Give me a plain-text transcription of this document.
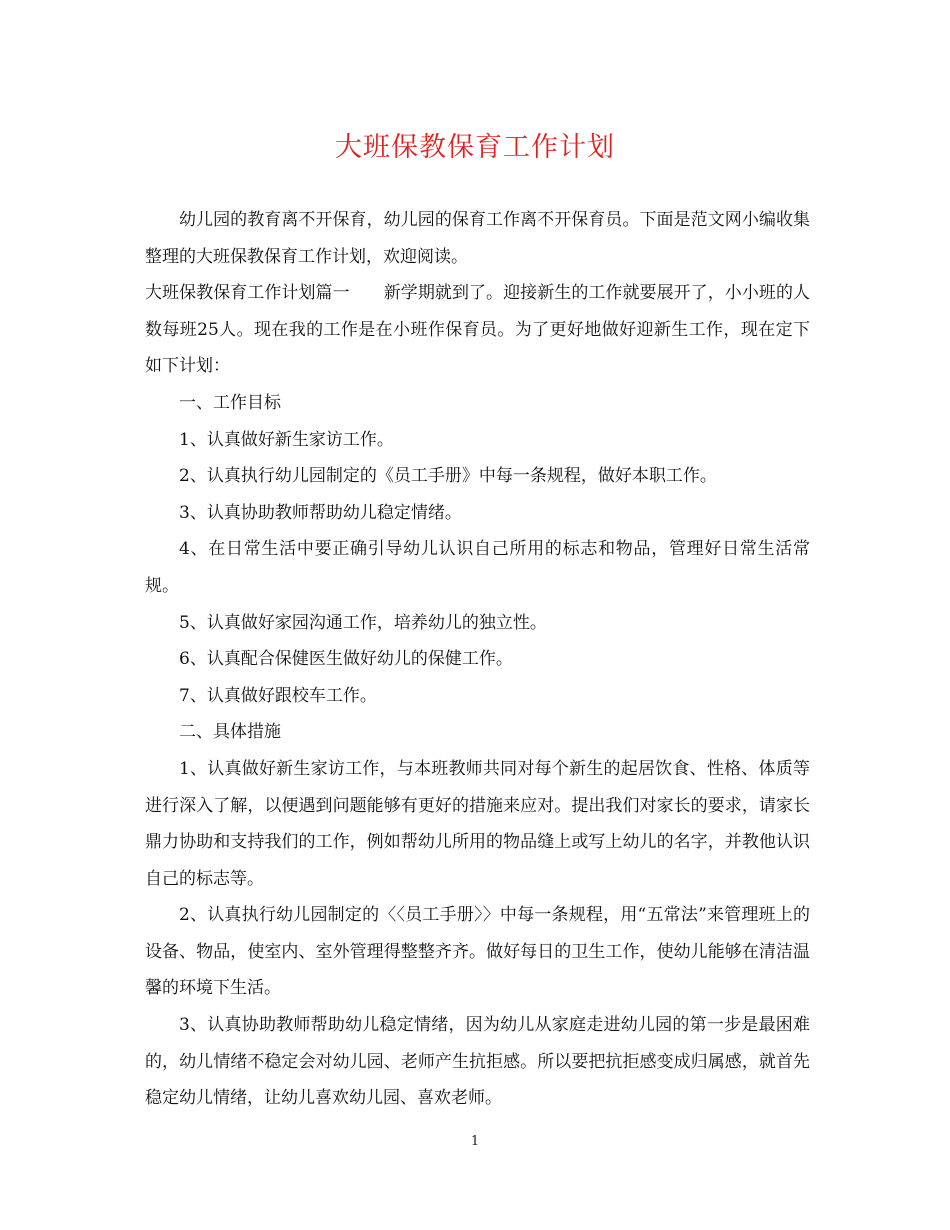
大班保教保育工作计划

幼儿园的教育离不开保育，幼儿园的保育工作离不开保育员。下面是范文网小编收集整理的大班保教保育工作计划，欢迎阅读。

大班保教保育工作计划篇一　　新学期就到了。迎接新生的工作就要展开了，小小班的人数每班25人。现在我的工作是在小班作保育员。为了更好地做好迎新生工作，现在定下如下计划：

一、工作目标

1、认真做好新生家访工作。

2、认真执行幼儿园制定的《员工手册》中每一条规程，做好本职工作。

3、认真协助教师帮助幼儿稳定情绪。

4、在日常生活中要正确引导幼儿认识自己所用的标志和物品，管理好日常生活常规。

5、认真做好家园沟通工作，培养幼儿的独立性。

6、认真配合保健医生做好幼儿的保健工作。

7、认真做好跟校车工作。

二、具体措施

1、认真做好新生家访工作，与本班教师共同对每个新生的起居饮食、性格、体质等进行深入了解，以便遇到问题能够有更好的措施来应对。提出我们对家长的要求，请家长鼎力协助和支持我们的工作，例如帮幼儿所用的物品缝上或写上幼儿的名字，并教他认识自己的标志等。

2、认真执行幼儿园制定的〈〈员工手册〉〉中每一条规程，用“五常法”来管理班上的设备、物品，使室内、室外管理得整整齐齐。做好每日的卫生工作，使幼儿能够在清洁温馨的环境下生活。

3、认真协助教师帮助幼儿稳定情绪，因为幼儿从家庭走进幼儿园的第一步是最困难的，幼儿情绪不稳定会对幼儿园、老师产生抗拒感。所以要把抗拒感变成归属感，就首先稳定幼儿情绪，让幼儿喜欢幼儿园、喜欢老师。

1
